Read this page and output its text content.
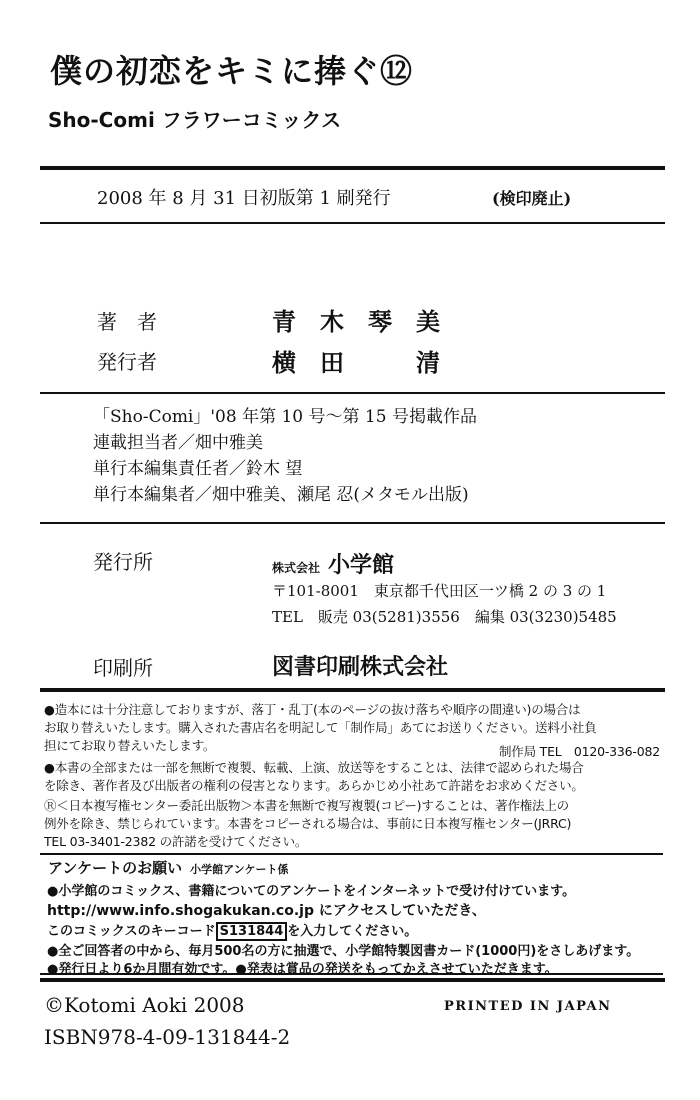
僕の初恋をキミに捧ぐ⑫
Sho-Comi フラワーコミックス
2008 年 8 月 31 日初版第 1 刷発行	(検印廃止)
著　者	青　木　琴　美
発行者	横　田　　　清
「Sho-Comi」'08 年第 10 号～第 15 号掲載作品
連載担当者／畑中雅美
単行本編集責任者／鈴木 望
単行本編集者／畑中雅美、瀬尾 忍(メタモル出版)
発行所	株式会社 小学館
〒101-8001　東京都千代田区一ツ橋 2 の 3 の 1
TEL　販売 03(5281)3556　編集 03(3230)5485
印刷所	図書印刷株式会社
●造本には十分注意しておりますが、落丁・乱丁(本のページの抜け落ちや順序の間違い)の場合は
お取り替えいたします。購入された書店名を明記して「制作局」あてにお送りください。送料小社負
担にてお取り替えいたします。	制作局 TEL　0120-336-082
●本書の全部または一部を無断で複製、転載、上演、放送等をすることは、法律で認められた場合
を除き、著作者及び出版者の権利の侵害となります。あらかじめ小社あて許諾をお求めください。
Ⓡ＜日本複写権センター委託出版物＞本書を無断で複写複製(コピー)することは、著作権法上の
例外を除き、禁じられています。本書をコピーされる場合は、事前に日本複写権センター(JRRC)
TEL 03-3401-2382 の許諾を受けてください。
アンケートのお願い 小学館アンケート係
●小学館のコミックス、書籍についてのアンケートをインターネットで受け付けています。
http://www.info.shogakukan.co.jp にアクセスしていただき、
このコミックスのキーコード S131844 を入力してください。
●全ご回答者の中から、毎月500名の方に抽選で、小学館特製図書カード(1000円)をさしあげます。
●発行日より6か月間有効です。●発表は賞品の発送をもってかえさせていただきます。
©Kotomi Aoki 2008	PRINTED IN JAPAN
ISBN978-4-09-131844-2
